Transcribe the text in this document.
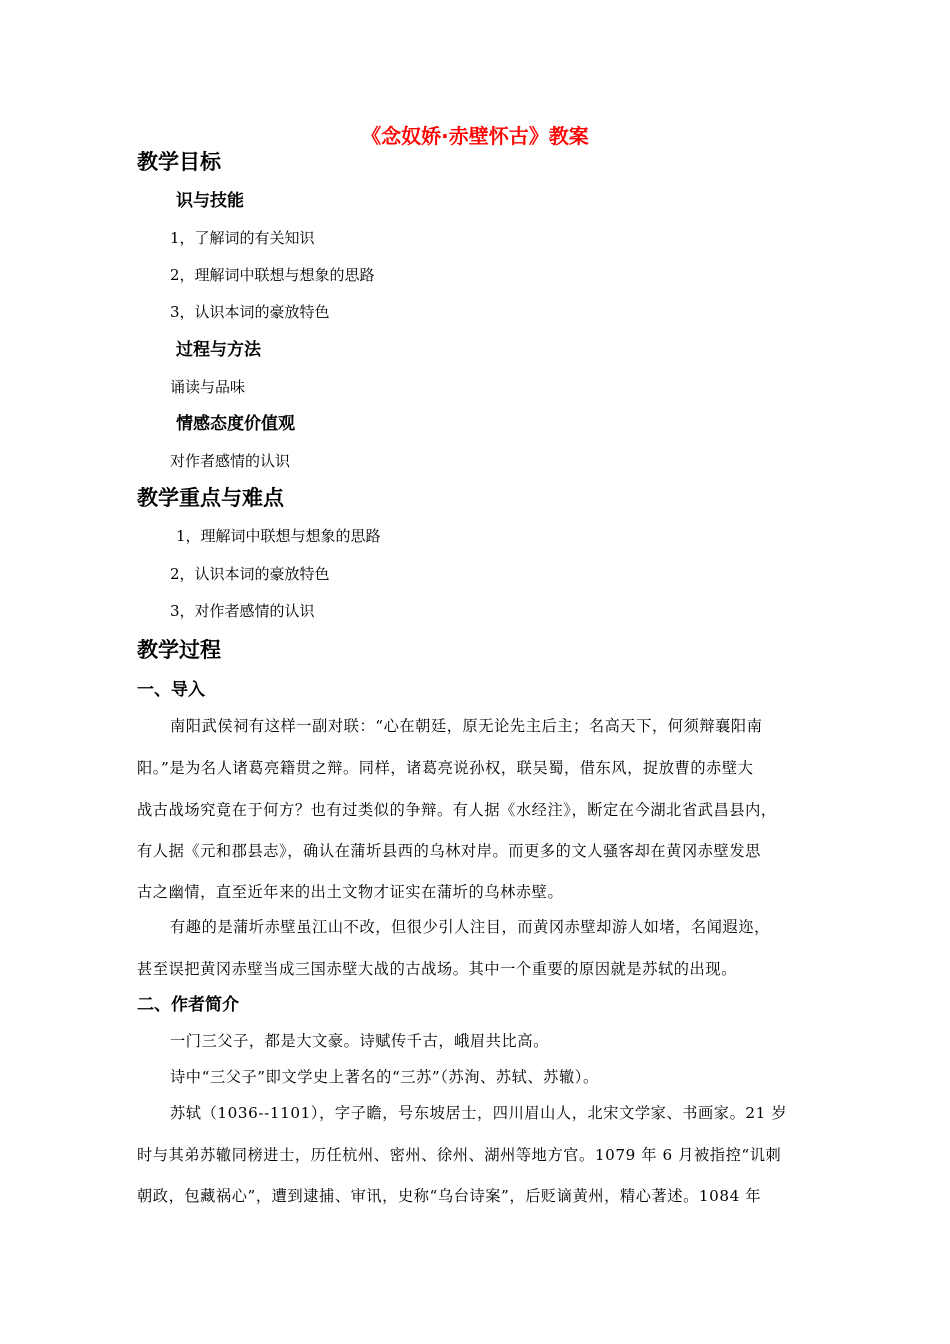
《念奴娇·赤壁怀古》教案
教学目标
识与技能
1，了解词的有关知识
2，理解词中联想与想象的思路
3，认识本词的豪放特色
过程与方法
诵读与品味
情感态度价值观
对作者感情的认识
教学重点与难点
1，理解词中联想与想象的思路
2，认识本词的豪放特色
3，对作者感情的认识
教学过程
一、导入
南阳武侯祠有这样一副对联：“心在朝廷，原无论先主后主；名高天下，何须辩襄阳南
阳。”是为名人诸葛亮籍贯之辩。同样，诸葛亮说孙权，联吴蜀，借东风，捉放曹的赤壁大
战古战场究竟在于何方？也有过类似的争辩。有人据《水经注》，断定在今湖北省武昌县内，
有人据《元和郡县志》，确认在蒲圻县西的乌林对岸。而更多的文人骚客却在黄冈赤壁发思
古之幽情，直至近年来的出土文物才证实在蒲圻的乌林赤壁。
有趣的是蒲圻赤壁虽江山不改，但很少引人注目，而黄冈赤壁却游人如堵，名闻遐迩，
甚至误把黄冈赤壁当成三国赤壁大战的古战场。其中一个重要的原因就是苏轼的出现。
二、作者简介
一门三父子，都是大文豪。诗赋传千古，峨眉共比高。
诗中“三父子”即文学史上著名的“三苏”（苏洵、苏轼、苏辙）。
苏轼（1036--1101），字子瞻，号东坡居士，四川眉山人，北宋文学家、书画家。21 岁
时与其弟苏辙同榜进士，历任杭州、密州、徐州、湖州等地方官。1079 年 6 月被指控“讥刺
朝政，包藏祸心”，遭到逮捕、审讯，史称“乌台诗案”，后贬谪黄州，精心著述。1084 年
